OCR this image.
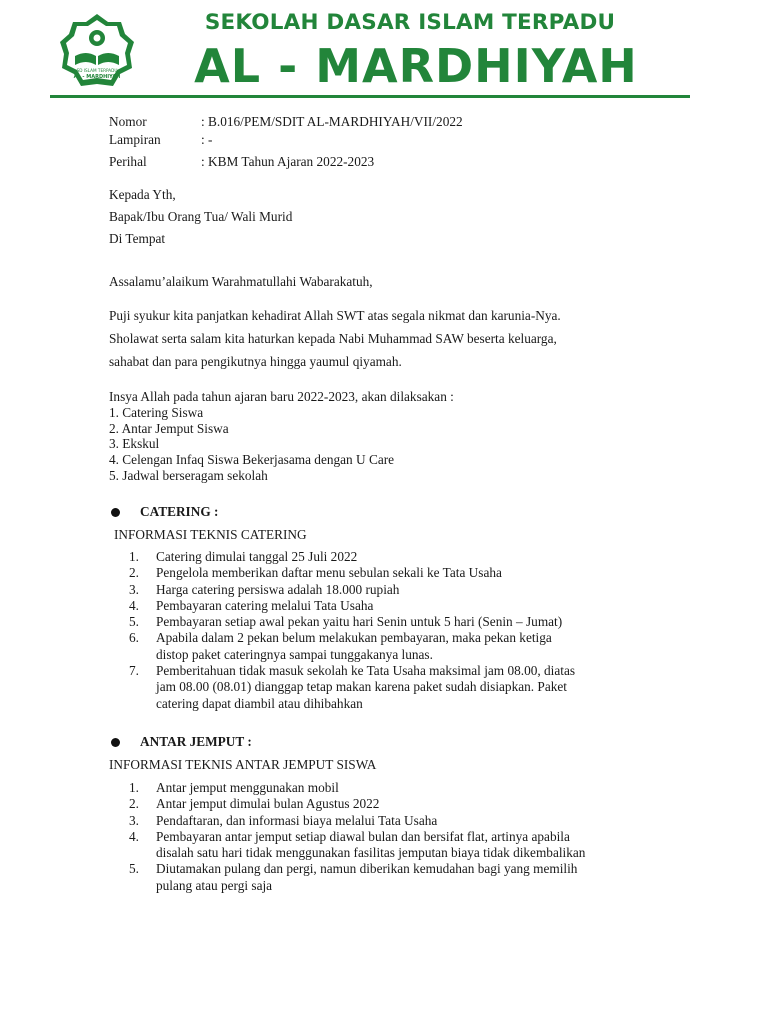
SD ISLAM TERPADU
AL - MARDHIYAH
SEKOLAH DASAR ISLAM TERPADU
AL - MARDHIYAH
Nomor	: B.016/PEM/SDIT AL-MARDHIYAH/VII/2022
Lampiran	: -
Perihal	: KBM Tahun Ajaran 2022-2023
Kepada Yth,
Bapak/Ibu Orang Tua/ Wali Murid
Di Tempat
Assalamu’alaikum Warahmatullahi Wabarakatuh,
Puji syukur kita panjatkan kehadirat Allah SWT atas segala nikmat dan karunia-Nya.
Sholawat serta salam kita haturkan kepada Nabi Muhammad SAW beserta keluarga,
sahabat dan para pengikutnya hingga yaumul qiyamah.
Insya Allah pada tahun ajaran baru 2022-2023, akan dilaksakan :
1. Catering Siswa
2. Antar Jemput Siswa
3. Ekskul
4. Celengan Infaq Siswa Bekerjasama dengan U Care
5. Jadwal berseragam sekolah
CATERING :
INFORMASI TEKNIS CATERING
1.	Catering dimulai tanggal 25 Juli 2022
2.	Pengelola memberikan daftar menu sebulan sekali ke Tata Usaha
3.	Harga catering persiswa adalah 18.000 rupiah
4.	Pembayaran catering melalui Tata Usaha
5.	Pembayaran setiap awal pekan yaitu hari Senin untuk 5 hari (Senin – Jumat)
6.	Apabila dalam 2 pekan belum melakukan pembayaran, maka pekan ketiga
distop paket cateringnya sampai tunggakanya lunas.
7.	Pemberitahuan tidak masuk sekolah ke Tata Usaha maksimal jam 08.00, diatas
jam 08.00 (08.01) dianggap tetap makan karena paket sudah disiapkan. Paket
catering dapat diambil atau dihibahkan
ANTAR JEMPUT :
INFORMASI TEKNIS ANTAR JEMPUT SISWA
1.	Antar jemput menggunakan mobil
2.	Antar jemput dimulai bulan Agustus 2022
3.	Pendaftaran, dan informasi biaya melalui Tata Usaha
4.	Pembayaran antar jemput setiap diawal bulan dan bersifat flat, artinya apabila
disalah satu hari tidak menggunakan fasilitas jemputan biaya tidak dikembalikan
5.	Diutamakan pulang dan pergi, namun diberikan kemudahan bagi yang memilih
pulang atau pergi saja
